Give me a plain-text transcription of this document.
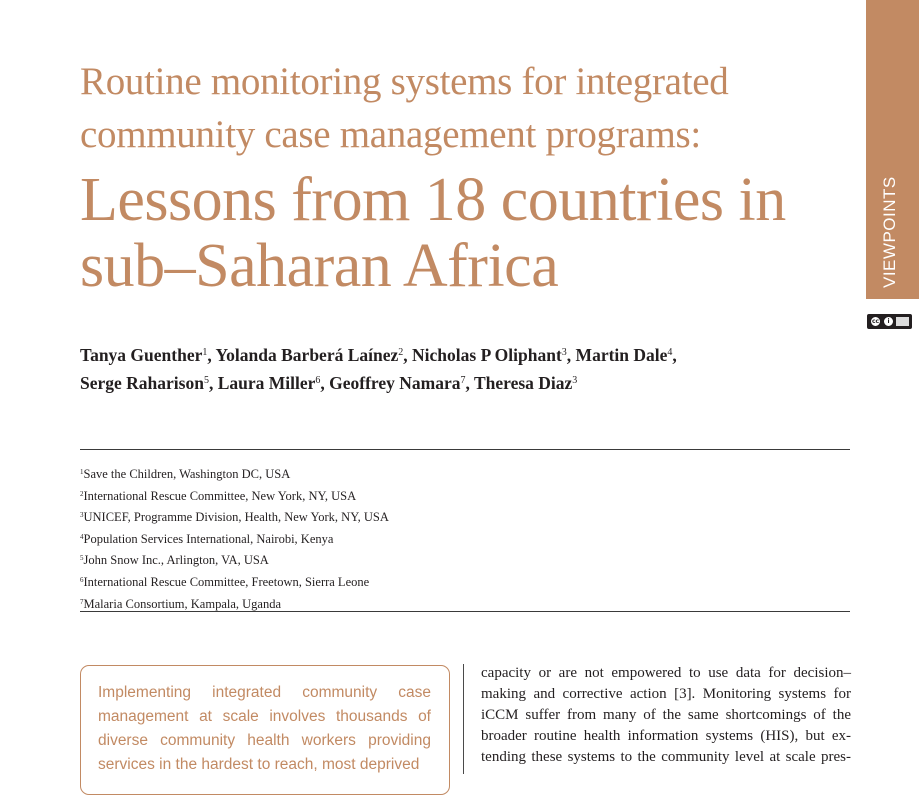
VIEWPOINTS
cc	i
Routine monitoring systems for integrated
community case management programs:
Lessons from 18 countries in
sub–Saharan Africa

Tanya Guenther$^1$, Yolanda Barberá Laínez$^2$, Nicholas P Oliphant$^3$, Martin Dale$^4$,
Serge Raharison$^5$, Laura Miller$^6$, Geoffrey Namara$^7$, Theresa Diaz$^3$

$^1$Save the Children, Washington DC, USA
$^2$International Rescue Committee, New York, NY, USA
$^3$UNICEF, Programme Division, Health, New York, NY, USA
$^4$Population Services International, Nairobi, Kenya
$^5$John Snow Inc., Arlington, VA, USA
$^6$International Rescue Committee, Freetown, Sierra Leone
$^7$Malaria Consortium, Kampala, Uganda

Implementing integrated community case management at scale involves thousands of diverse community health workers providing services in the hardest to reach, most deprived

capacity or are not empowered to use data for decision–
making and corrective action [3]. Monitoring systems for
iCCM suffer from many of the same shortcomings of the
broader routine health information systems (HIS), but ex-
tending these systems to the community level at scale pres-
